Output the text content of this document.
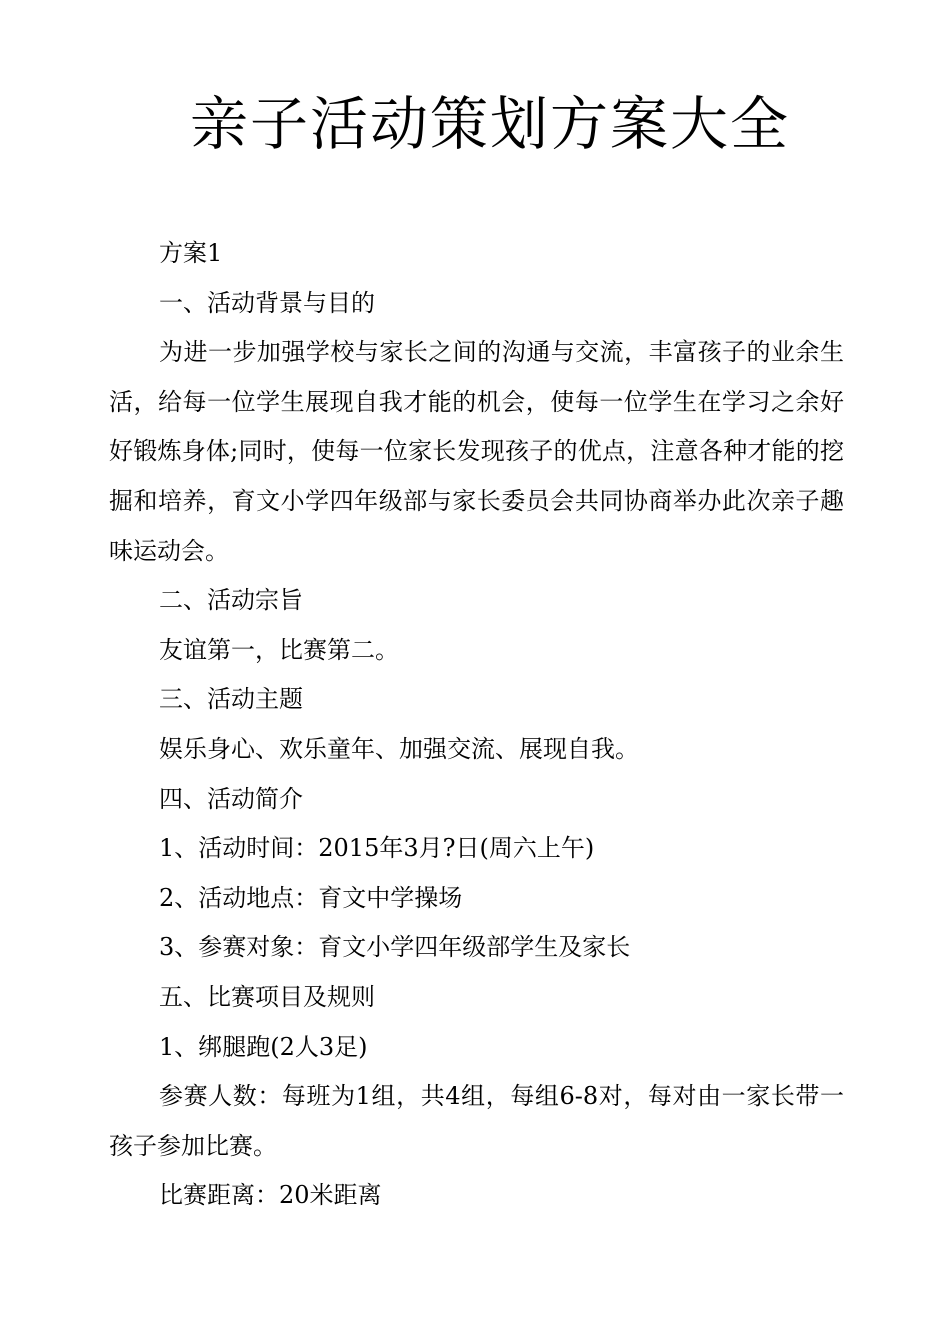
亲子活动策划方案大全

方案1

一、活动背景与目的

为进一步加强学校与家长之间的沟通与交流，丰富孩子的业余生活，给每一位学生展现自我才能的机会，使每一位学生在学习之余好好锻炼身体;同时，使每一位家长发现孩子的优点，注意各种才能的挖掘和培养，育文小学四年级部与家长委员会共同协商举办此次亲子趣味运动会。

二、活动宗旨

友谊第一，比赛第二。

三、活动主题

娱乐身心、欢乐童年、加强交流、展现自我。

四、活动简介

1、活动时间：2015年3月?日(周六上午)

2、活动地点：育文中学操场

3、参赛对象：育文小学四年级部学生及家长

五、比赛项目及规则

1、绑腿跑(2人3足)

参赛人数：每班为1组，共4组，每组6-8对，每对由一家长带一孩子参加比赛。

比赛距离：20米距离
